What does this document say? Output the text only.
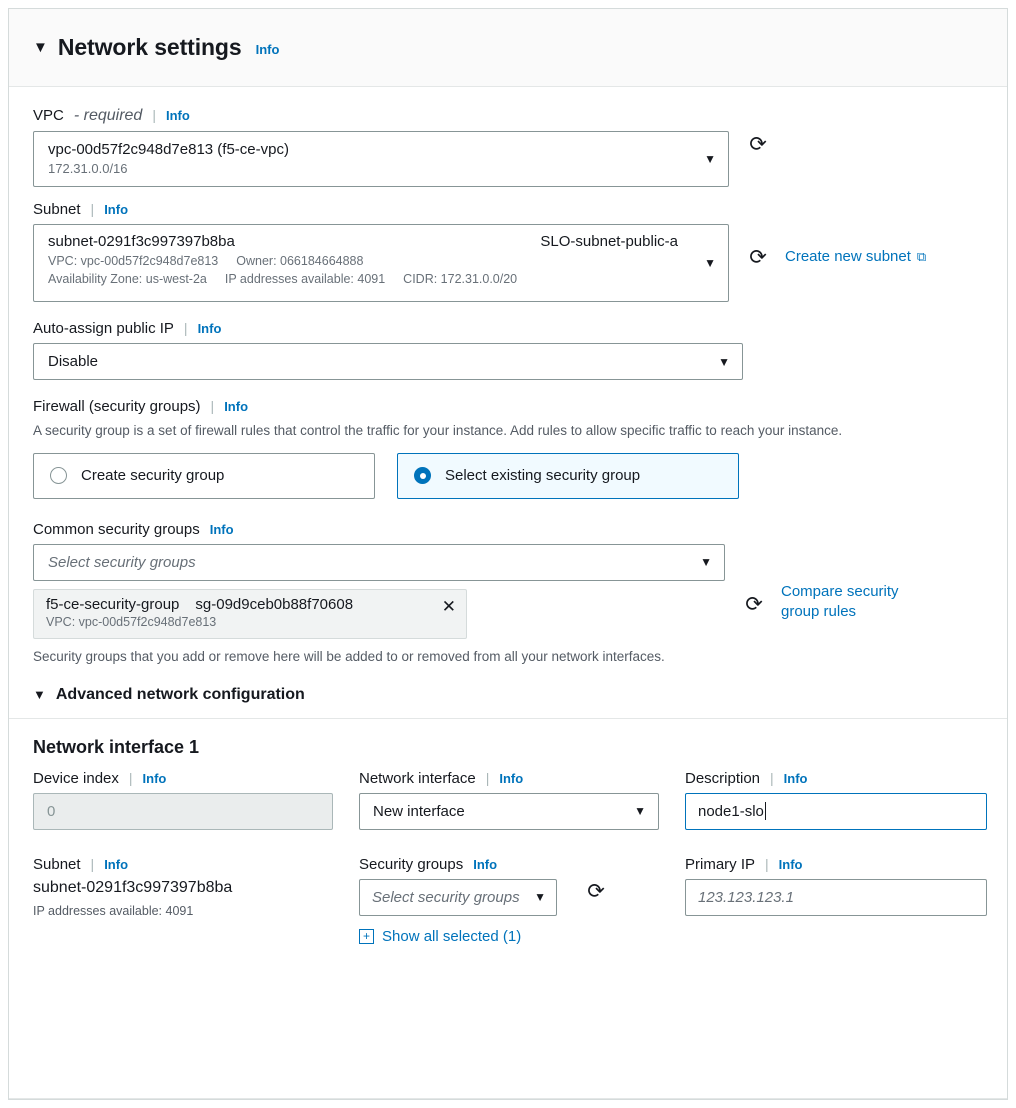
▼ Network settings Info
VPC - required | Info
vpc-00d57f2c948d7e813 (f5-ce-vpc)
172.31.0.0/16
▼
⟳
Subnet | Info
subnet-0291f3c997397b8ba	SLO-subnet-public-a
VPC: vpc-00d57f2c948d7e813 Owner: 066184664888
Availability Zone: us-west-2a IP addresses available: 4091 CIDR: 172.31.0.0/20
▼ ⟳ Create new subnet ⧉
Auto-assign public IP | Info
Disable	▼
Firewall (security groups) | Info
A security group is a set of firewall rules that control the traffic for your instance. Add rules to allow specific traffic to reach your instance.
Create security group	Select existing security group
Common security groups Info
Select security groups	▼
f5-ce-security-group sg-09d9ceb0b88f70608
VPC: vpc-00d57f2c948d7e813
✕	⟳
Compare security group rules
Security groups that you add or remove here will be added to or removed from all your network interfaces.
▼ Advanced network configuration
Network interface 1
Device index | Info
0
Network interface | Info
New interface	▼
Description | Info
node1-slo
Subnet | Info
subnet-0291f3c997397b8ba
IP addresses available: 4091
Security groups Info
Select security groups ▼ ⟳
+ Show all selected (1)
Primary IP | Info
123.123.123.1
